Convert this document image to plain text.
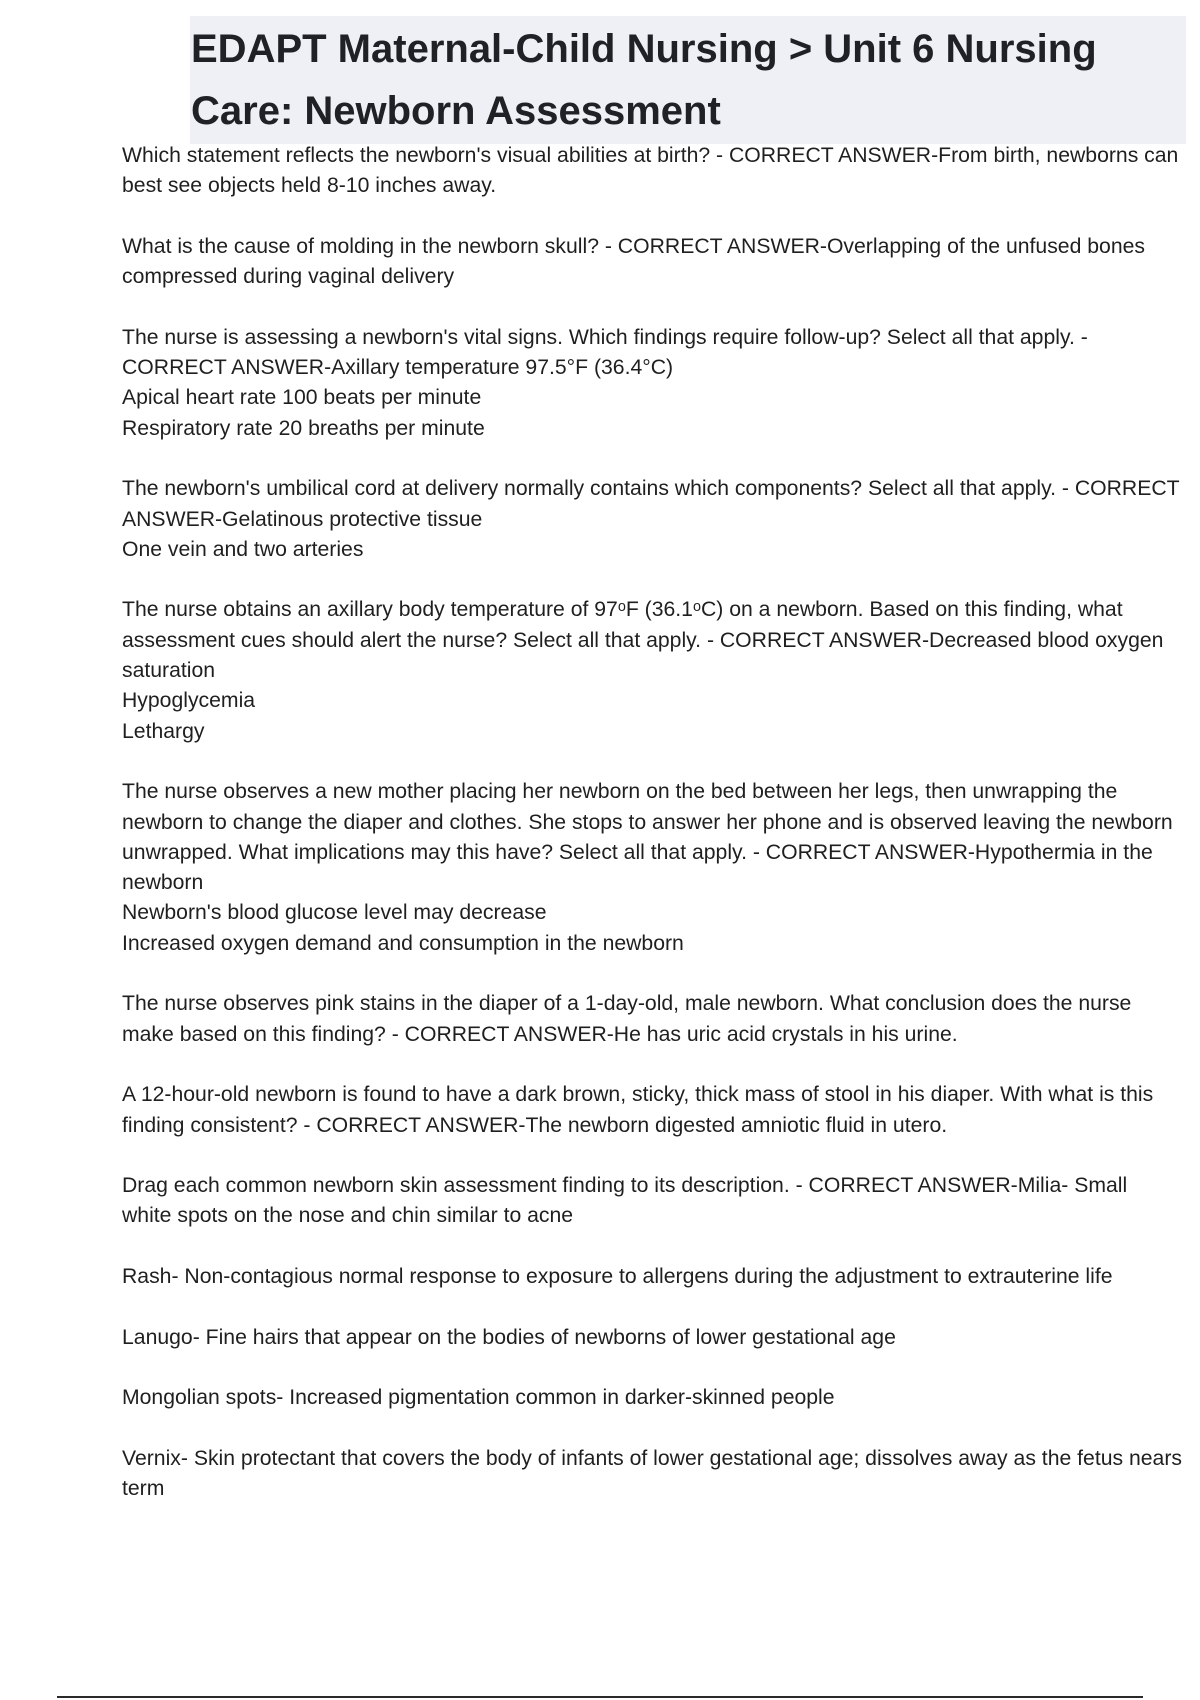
EDAPT Maternal-Child Nursing > Unit 6 Nursing Care: Newborn Assessment

Which statement reflects the newborn's visual abilities at birth? - CORRECT ANSWER-From birth, newborns can best see objects held 8-10 inches away.

What is the cause of molding in the newborn skull? - CORRECT ANSWER-Overlapping of the unfused bones compressed during vaginal delivery

The nurse is assessing a newborn's vital signs. Which findings require follow-up? Select all that apply. - CORRECT ANSWER-Axillary temperature 97.5°F (36.4°C)

Apical heart rate 100 beats per minute
Respiratory rate 20 breaths per minute

The newborn's umbilical cord at delivery normally contains which components? Select all that apply. - CORRECT ANSWER-Gelatinous protective tissue

One vein and two arteries

The nurse obtains an axillary body temperature of 97ᵒF (36.1ᵒC) on a newborn. Based on this finding, what assessment cues should alert the nurse? Select all that apply. - CORRECT ANSWER-Decreased blood oxygen saturation

Hypoglycemia
Lethargy

The nurse observes a new mother placing her newborn on the bed between her legs, then unwrapping the newborn to change the diaper and clothes. She stops to answer her phone and is observed leaving the newborn unwrapped. What implications may this have? Select all that apply. - CORRECT ANSWER-Hypothermia in the newborn

Newborn's blood glucose level may decrease
Increased oxygen demand and consumption in the newborn

The nurse observes pink stains in the diaper of a 1-day-old, male newborn. What conclusion does the nurse make based on this finding? - CORRECT ANSWER-He has uric acid crystals in his urine.

A 12-hour-old newborn is found to have a dark brown, sticky, thick mass of stool in his diaper. With what is this finding consistent? - CORRECT ANSWER-The newborn digested amniotic fluid in utero.

Drag each common newborn skin assessment finding to its description. - CORRECT ANSWER-Milia- Small white spots on the nose and chin similar to acne

Rash- Non-contagious normal response to exposure to allergens during the adjustment to extrauterine life

Lanugo- Fine hairs that appear on the bodies of newborns of lower gestational age

Mongolian spots- Increased pigmentation common in darker-skinned people

Vernix- Skin protectant that covers the body of infants of lower gestational age; dissolves away as the fetus nears term
